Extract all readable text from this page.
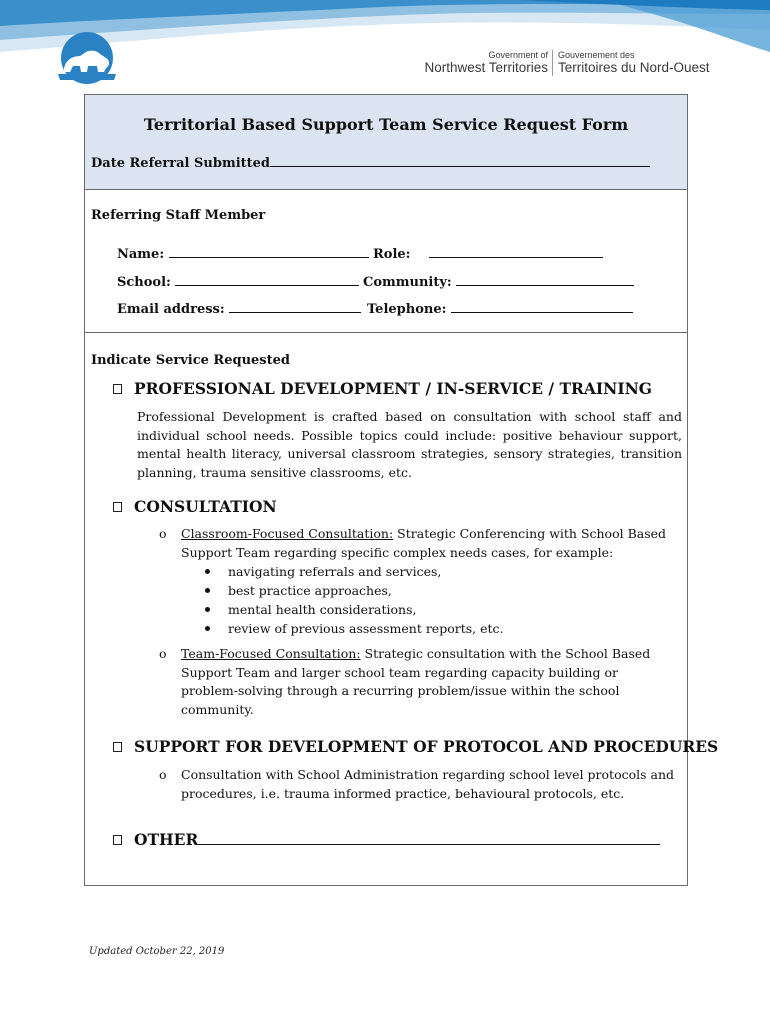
Government of
Northwest Territories
Gouvernement des
Territoires du Nord-Ouest
Territorial Based Support Team Service Request Form
Date Referral Submitted
Referring Staff Member
Name:	Role:
School:	Community:
Email address:	Telephone:
Indicate Service Requested
PROFESSIONAL DEVELOPMENT / IN-SERVICE / TRAINING
Professional Development is crafted based on consultation with school staff and individual school needs. Possible topics could include: positive behaviour support, mental health literacy, universal classroom strategies, sensory strategies, transition planning, trauma sensitive classrooms, etc.
CONSULTATION
o Classroom-Focused Consultation: Strategic Conferencing with School Based Support Team regarding specific complex needs cases, for example:
navigating referrals and services,
best practice approaches,
mental health considerations,
review of previous assessment reports, etc.
o Team-Focused Consultation: Strategic consultation with the School Based Support Team and larger school team regarding capacity building or problem-solving through a recurring problem/issue within the school community.
SUPPORT FOR DEVELOPMENT OF PROTOCOL AND PROCEDURES
o Consultation with School Administration regarding school level protocols and procedures, i.e. trauma informed practice, behavioural protocols, etc.
OTHER
Updated October 22, 2019
